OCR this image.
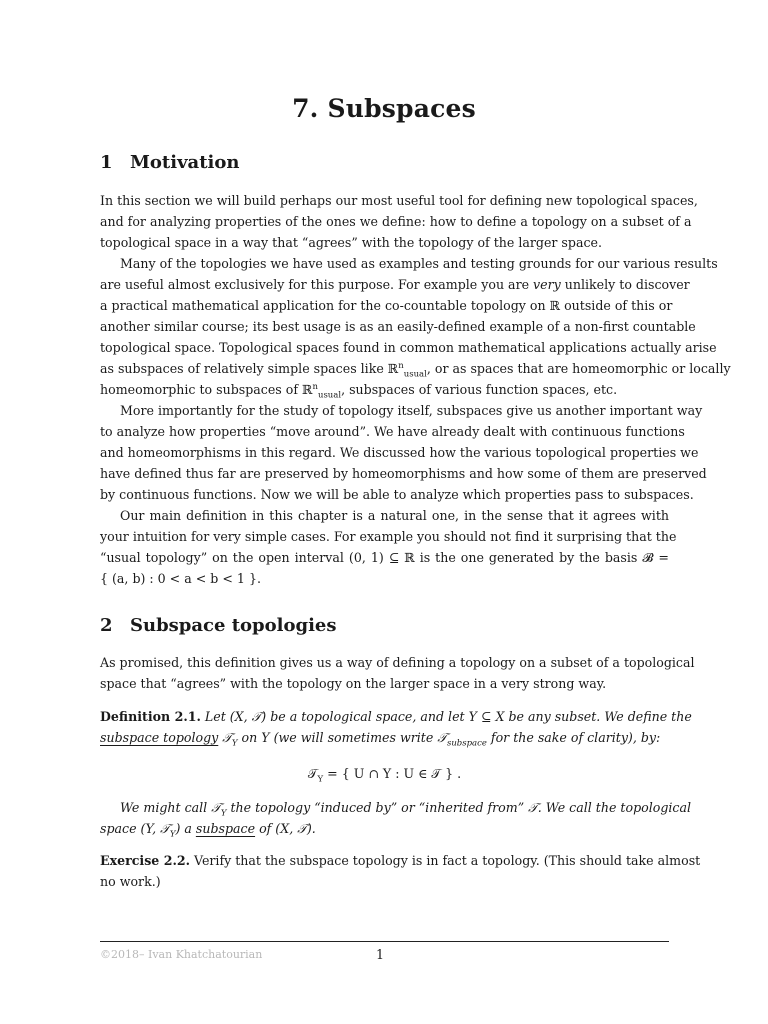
7. Subspaces
1 Motivation
In this section we will build perhaps our most useful tool for defining new topological spaces,
and for analyzing properties of the ones we define: how to define a topology on a subset of a
topological space in a way that “agrees” with the topology of the larger space.
Many of the topologies we have used as examples and testing grounds for our various results
are useful almost exclusively for this purpose. For example you are very unlikely to discover
a practical mathematical application for the co-countable topology on ℝ outside of this or
another similar course; its best usage is as an easily-defined example of a non-first countable
topological space. Topological spaces found in common mathematical applications actually arise
as subspaces of relatively simple spaces like ℝ$^n_{usual}$, or as spaces that are homeomorphic or locally
homeomorphic to subspaces of ℝ$^n_{usual}$, subspaces of various function spaces, etc.
More importantly for the study of topology itself, subspaces give us another important way
to analyze how properties “move around”. We have already dealt with continuous functions
and homeomorphisms in this regard. We discussed how the various topological properties we
have defined thus far are preserved by homeomorphisms and how some of them are preserved
by continuous functions. Now we will be able to analyze which properties pass to subspaces.
Our main definition in this chapter is a natural one, in the sense that it agrees with
your intuition for very simple cases. For example you should not find it surprising that the
“usual topology” on the open interval (0, 1) ⊆ ℝ is the one generated by the basis 𝓑 =
{ (a, b) : 0 < a < b < 1 }.
2 Subspace topologies
As promised, this definition gives us a way of defining a topology on a subset of a topological
space that “agrees” with the topology on the larger space in a very strong way.
Definition 2.1. Let (X, 𝒯) be a topological space, and let Y ⊆ X be any subset. We define the
subspace topology 𝒯$_Y$ on Y (we will sometimes write 𝒯$_{subspace}$ for the sake of clarity), by:
𝒯$_Y$ = { U ∩ Y : U ∈ 𝒯 } .
We might call 𝒯$_Y$ the topology “induced by” or “inherited from” 𝒯. We call the topological
space (Y, 𝒯$_Y$) a subspace of (X, 𝒯).
Exercise 2.2. Verify that the subspace topology is in fact a topology. (This should take almost
no work.)
©2018– Ivan Khatchatourian	1
